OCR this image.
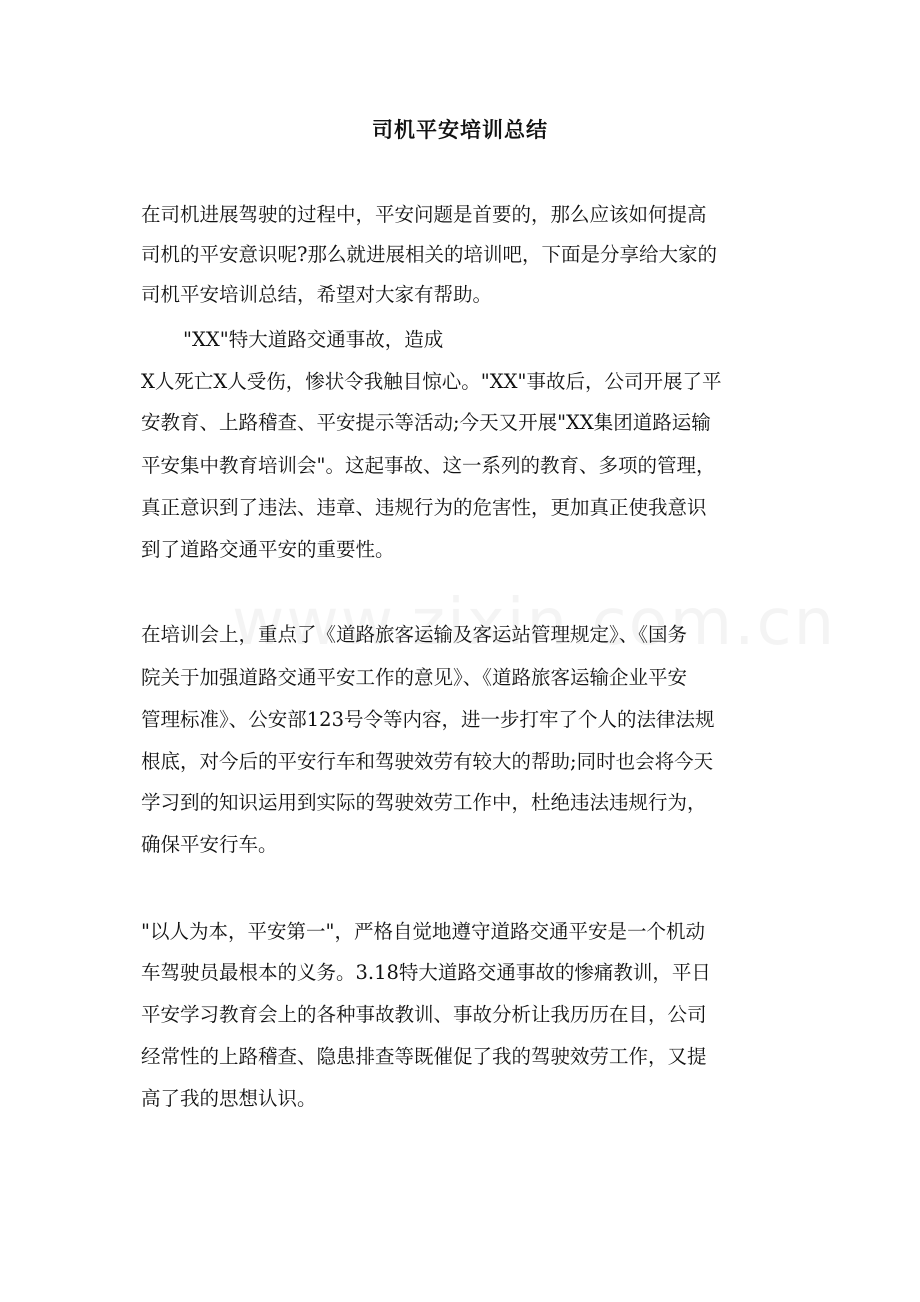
司机平安培训总结
在司机进展驾驶的过程中，平安问题是首要的，那么应该如何提高
司机的平安意识呢?那么就进展相关的培训吧，下面是分享给大家的
司机平安培训总结，希望对大家有帮助。
"XX"特大道路交通事故，造成
X人死亡X人受伤，惨状令我触目惊心。"XX"事故后，公司开展了平
安教育、上路稽查、平安提示等活动;今天又开展"XX集团道路运输
平安集中教育培训会"。这起事故、这一系列的教育、多项的管理，
真正意识到了违法、违章、违规行为的危害性，更加真正使我意识
到了道路交通平安的重要性。
在培训会上，重点了《道路旅客运输及客运站管理规定》、《国务
院关于加强道路交通平安工作的意见》、《道路旅客运输企业平安
管理标准》、公安部123号令等内容，进一步打牢了个人的法律法规
根底，对今后的平安行车和驾驶效劳有较大的帮助;同时也会将今天
学习到的知识运用到实际的驾驶效劳工作中，杜绝违法违规行为，
确保平安行车。
"以人为本，平安第一"，严格自觉地遵守道路交通平安是一个机动
车驾驶员最根本的义务。3.18特大道路交通事故的惨痛教训，平日
平安学习教育会上的各种事故教训、事故分析让我历历在目，公司
经常性的上路稽查、隐患排查等既催促了我的驾驶效劳工作，又提
高了我的思想认识。
